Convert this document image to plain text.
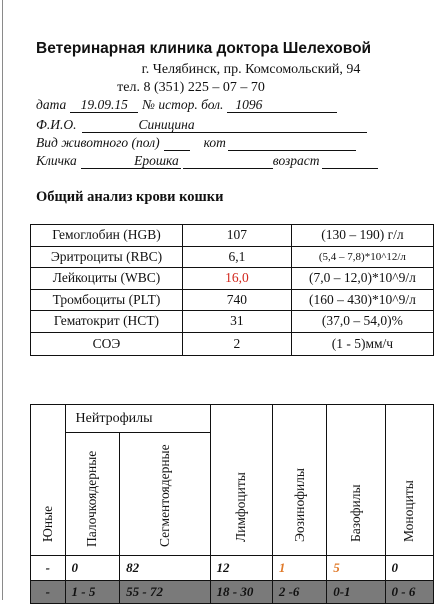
Ветеринарная клиника доктора Шелеховой
г. Челябинск, пр. Комсомольский, 94
тел. 8 (351) 225 – 07 – 70
дата	19.09.15	№ истор. бол. 1096
Ф.И.О.	Синицина
Вид животного (пол)	кот
Кличка	Ерошка	возраст
Общий анализ крови кошки
Гемоглобин (HGB)	107	(130 – 190) г/л
Эритроциты (RBC)	6,1	(5,4 – 7,8)*10^12/л
Лейкоциты (WBC)	16,0	(7,0 – 12,0)*10^9/л
Тромбоциты (PLT)	740	(160 – 430)*10^9/л
Гематокрит (HCT)	31	(37,0 – 54,0)%
СОЭ	2	(1 - 5)мм/ч
Юные	Нейтрофилы		Лимфоциты	Эозинофилы	Базофилы	Моноциты

	Палочкоядерные	Сегментоядерные				

-	0	82	12	1	5	0
-	1 - 5	55 - 72	18 - 30	2 -6	0-1	0 - 6
